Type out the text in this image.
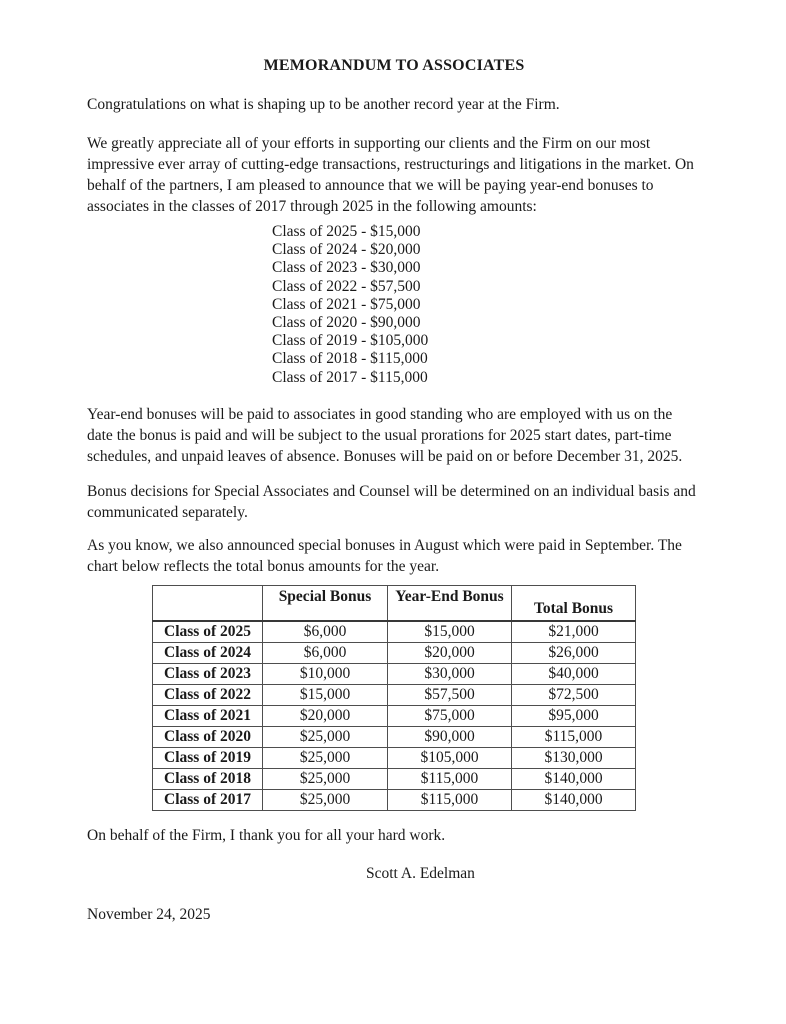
MEMORANDUM TO ASSOCIATES

Congratulations on what is shaping up to be another record year at the Firm.

We greatly appreciate all of your efforts in supporting our clients and the Firm on our most impressive ever array of cutting-edge transactions, restructurings and litigations in the market. On behalf of the partners, I am pleased to announce that we will be paying year-end bonuses to associates in the classes of 2017 through 2025 in the following amounts:

Class of 2025 - $15,000
Class of 2024 - $20,000
Class of 2023 - $30,000
Class of 2022 - $57,500
Class of 2021 - $75,000
Class of 2020 - $90,000
Class of 2019 - $105,000
Class of 2018 - $115,000
Class of 2017 - $115,000

Year-end bonuses will be paid to associates in good standing who are employed with us on the date the bonus is paid and will be subject to the usual prorations for 2025 start dates, part-time schedules, and unpaid leaves of absence. Bonuses will be paid on or before December 31, 2025.

Bonus decisions for Special Associates and Counsel will be determined on an individual basis and communicated separately.

As you know, we also announced special bonuses in August which were paid in September. The chart below reflects the total bonus amounts for the year.

	Special Bonus	Year-End Bonus	Total Bonus
Class of 2025	$6,000	$15,000	$21,000
Class of 2024	$6,000	$20,000	$26,000
Class of 2023	$10,000	$30,000	$40,000
Class of 2022	$15,000	$57,500	$72,500
Class of 2021	$20,000	$75,000	$95,000
Class of 2020	$25,000	$90,000	$115,000
Class of 2019	$25,000	$105,000	$130,000
Class of 2018	$25,000	$115,000	$140,000
Class of 2017	$25,000	$115,000	$140,000

On behalf of the Firm, I thank you for all your hard work.

Scott A. Edelman
November 24, 2025
